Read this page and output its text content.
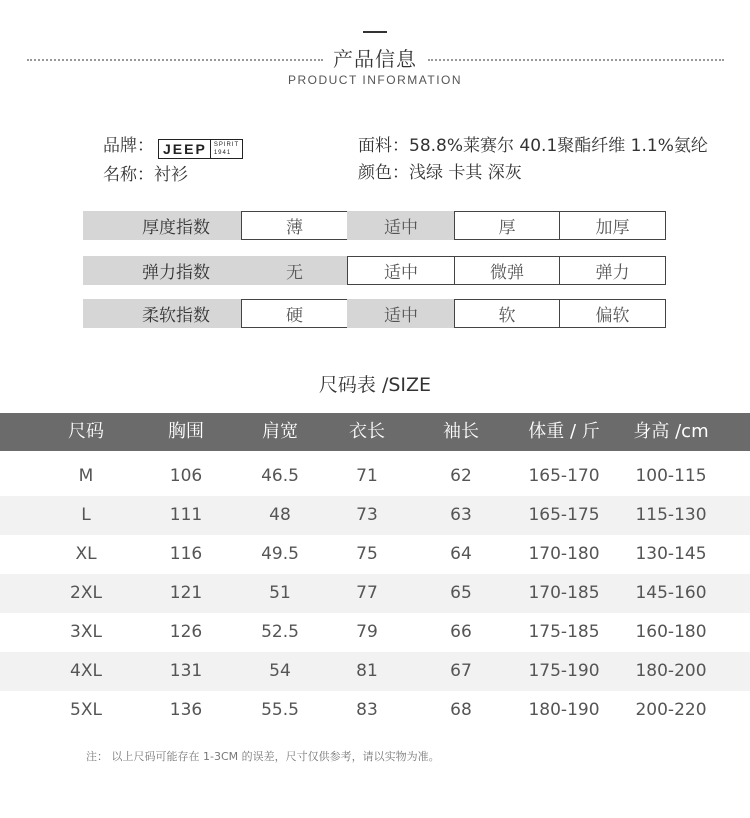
产品信息
PRODUCT INFORMATION
品牌： JEEP	SPIRIT
1941
名称：衬衫
面料：58.8%莱赛尔 40.1聚酯纤维 1.1%氨纶
颜色：浅绿 卡其 深灰
厚度指数	薄	适中	厚	加厚
弹力指数	无	适中	微弹	弹力
柔软指数	硬	适中	软	偏软
尺码表 /SIZE
尺码	胸围	肩宽	衣长	袖长	体重 / 斤	身高 /cm
M	106	46.5	71	62	165-170	100-115
L	111	48	73	63	165-175	115-130
XL	116	49.5	75	64	170-180	130-145
2XL	121	51	77	65	170-185	145-160
3XL	126	52.5	79	66	175-185	160-180
4XL	131	54	81	67	175-190	180-200
5XL	136	55.5	83	68	180-190	200-220
注： 以上尺码可能存在 1-3CM 的误差，尺寸仅供参考，请以实物为准。
